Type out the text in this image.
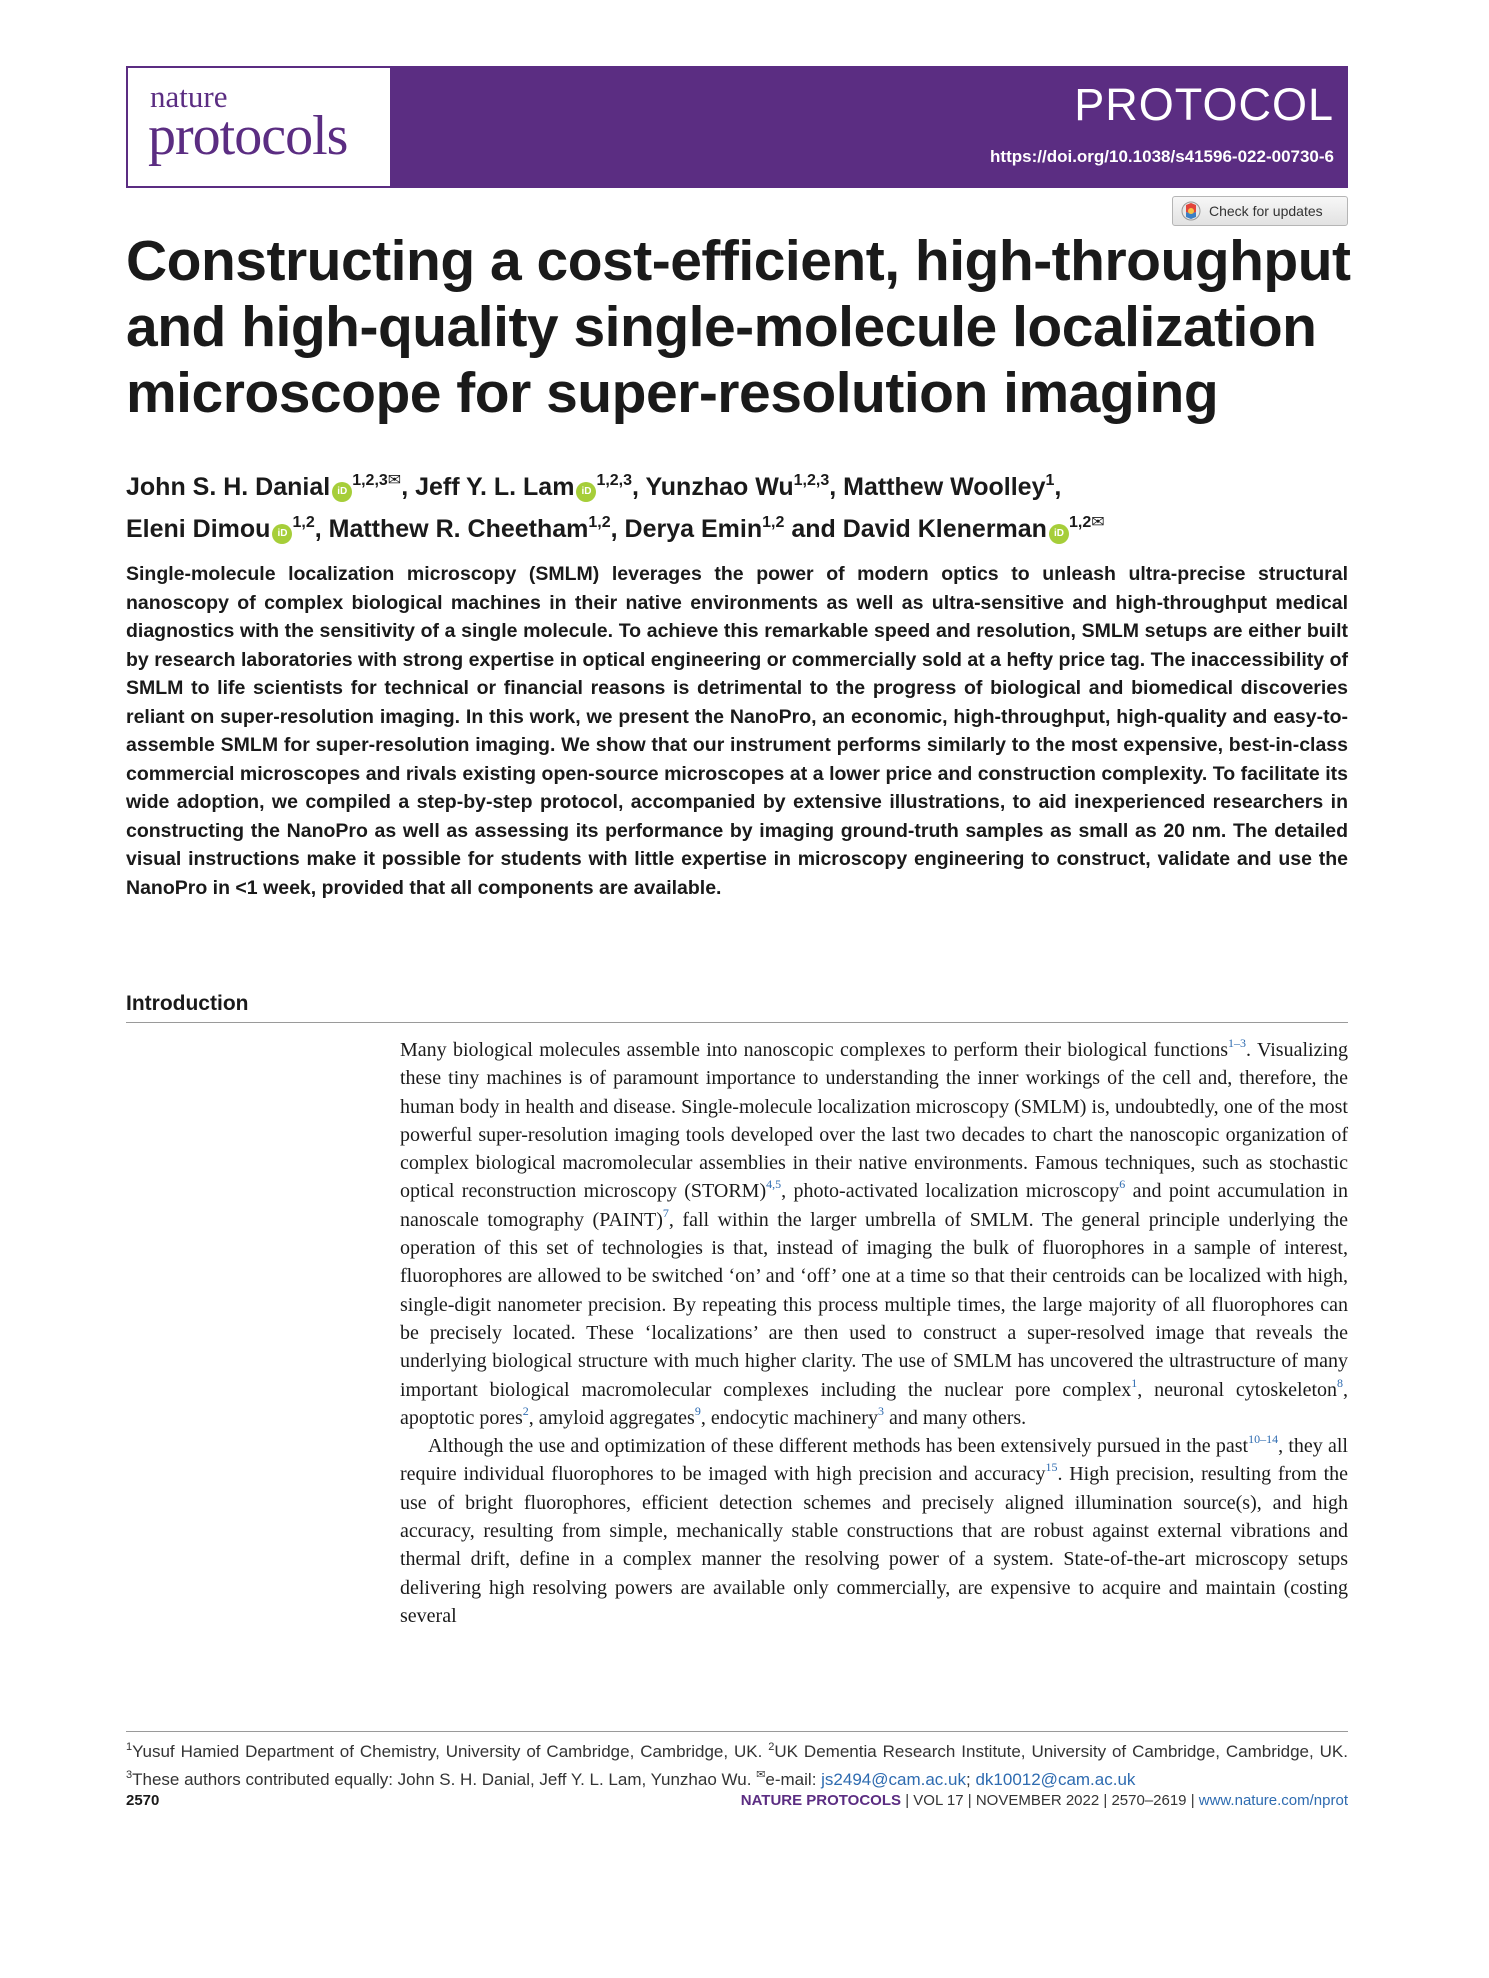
nature
protocols
PROTOCOL
https://doi.org/10.1038/s41596-022-00730-6
Check for updates
Constructing a cost-efficient, high-throughput
and high-quality single-molecule localization
microscope for super-resolution imaging
John S. H. Danial $iD^{1,2,3✉}$, Jeff Y. L. Lam iD$^{1,2,3}$, Yunzhao Wu$^{1,2,3}$, Matthew Woolley$^1$,
Eleni Dimou iD$^{1,2}$, Matthew R. Cheetham$^{1,2}$, Derya Emin$^{1,2}$ and David Klenerman $iD^{1,2✉}$
Single-molecule localization microscopy (SMLM) leverages the power of modern optics to unleash ultra-precise structural nanoscopy of complex biological machines in their native environments as well as ultra-sensitive and high-throughput medical diagnostics with the sensitivity of a single molecule. To achieve this remarkable speed and resolution, SMLM setups are either built by research laboratories with strong expertise in optical engineering or commercially sold at a hefty price tag. The inaccessibility of SMLM to life scientists for technical or financial reasons is detrimental to the progress of biological and biomedical discoveries reliant on super-resolution imaging. In this work, we present the NanoPro, an economic, high-throughput, high-quality and easy-to-assemble SMLM for super-resolution imaging. We show that our instrument performs similarly to the most expensive, best-in-class commercial microscopes and rivals existing open-source microscopes at a lower price and construction complexity. To facilitate its wide adoption, we compiled a step-by-step protocol, accompanied by extensive illustrations, to aid inexperienced researchers in constructing the NanoPro as well as assessing its performance by imaging ground-truth samples as small as 20 nm. The detailed visual instructions make it possible for students with little expertise in microscopy engineering to construct, validate and use the NanoPro in <1 week, provided that all components are available.
Introduction

Many biological molecules assemble into nanoscopic complexes to perform their biological functions$^{1-3}$. Visualizing these tiny machines is of paramount importance to understanding the inner workings of the cell and, therefore, the human body in health and disease. Single-molecule localization microscopy (SMLM) is, undoubtedly, one of the most powerful super-resolution imaging tools developed over the last two decades to chart the nanoscopic organization of complex biological macromolecular assemblies in their native environments. Famous techniques, such as stochastic optical reconstruction microscopy (STORM)$^{4,5}$, photo-activated localization microscopy$^6$ and point accumulation in nanoscale tomography (PAINT)$^7$, fall within the larger umbrella of SMLM. The general principle underlying the operation of this set of technologies is that, instead of imaging the bulk of fluorophores in a sample of interest, fluorophores are allowed to be switched ‘on’ and ‘off’ one at a time so that their centroids can be localized with high, single-digit nanometer precision. By repeating this process multiple times, the large majority of all fluorophores can be precisely located. These ‘localizations’ are then used to construct a super-resolved image that reveals the underlying biological structure with much higher clarity. The use of SMLM has uncovered the ultrastructure of many important biological macromolecular complexes including the nuclear pore complex$^1$, neuronal cytoskeleton$^8$, apoptotic pores$^2$, amyloid aggregates$^9$, endocytic machinery$^3$ and many others.

Although the use and optimization of these different methods has been extensively pursued in the past$^{10-14}$, they all require individual fluorophores to be imaged with high precision and accuracy$^{15}$. High precision, resulting from the use of bright fluorophores, efficient detection schemes and precisely aligned illumination source(s), and high accuracy, resulting from simple, mechanically stable constructions that are robust against external vibrations and thermal drift, define in a complex manner the resolving power of a system. State-of-the-art microscopy setups delivering high resolving powers are available only commercially, are expensive to acquire and maintain (costing several

$^1$Yusuf Hamied Department of Chemistry, University of Cambridge, Cambridge, UK. $^2$UK Dementia Research Institute, University of Cambridge, Cambridge, UK. $^3$These authors contributed equally: John S. H. Danial, Jeff Y. L. Lam, Yunzhao Wu. ✉e-mail: js2494@cam.ac.uk; dk10012@cam.ac.uk
2570	NATURE PROTOCOLS | VOL 17 | NOVEMBER 2022 | 2570–2619 | www.nature.com/nprot
